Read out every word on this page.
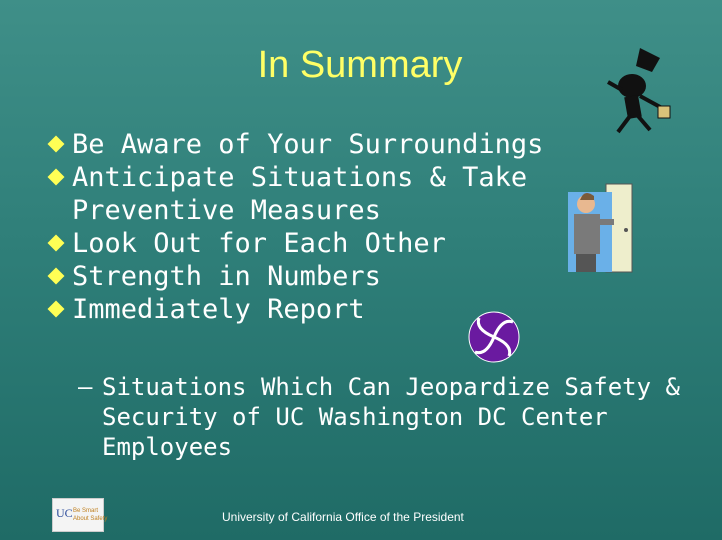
In Summary
Be Aware of Your Surroundings
Anticipate Situations & Take
Preventive Measures
Look Out for Each Other
Strength in Numbers
Immediately Report
– Situations Which Can Jeopardize Safety &
Security of UC Washington DC Center
Employees
UC Be Smart
About Safety	University of California Office of the President
